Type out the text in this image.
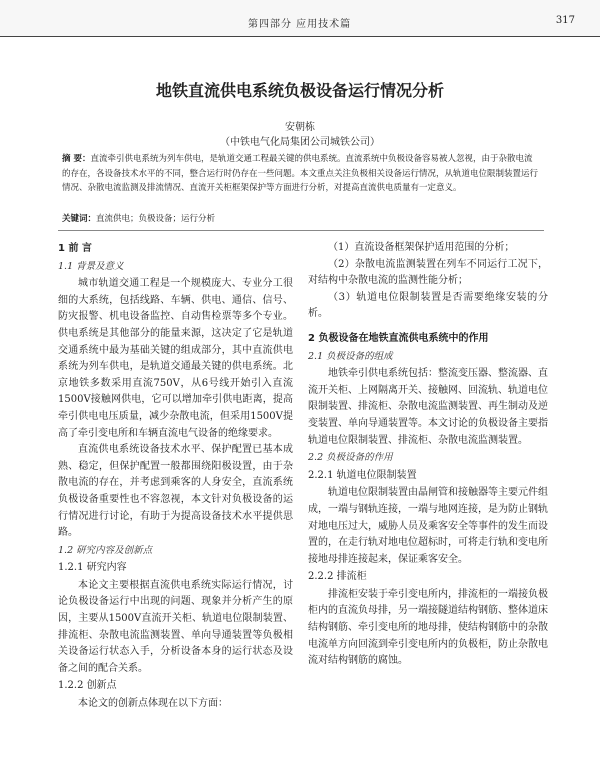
第四部分 应用技术篇	317
地铁直流供电系统负极设备运行情况分析
安朝栋
（中铁电气化局集团公司城铁公司）
摘 要：直流牵引供电系统为列车供电，是轨道交通工程最关键的供电系统。直流系统中负极设备容易被人忽视，由于杂散电流的存在，各设备技术水平的不同，整合运行时仍存在一些问题。本文重点关注负极相关设备运行情况，从轨道电位限制装置运行情况、杂散电流监测及排流情况、直流开关柜框架保护等方面进行分析，对提高直流供电质量有一定意义。
关键词：直流供电；负极设备；运行分析
1 前 言
1.1 背景及意义

城市轨道交通工程是一个规模庞大、专业分工很细的大系统，包括线路、车辆、供电、通信、信号、防灾报警、机电设备监控、自动售检票等多个专业。供电系统是其他部分的能量来源，这决定了它是轨道交通系统中最为基础关键的组成部分，其中直流供电系统为列车供电，是轨道交通最关键的供电系统。北京地铁多数采用直流750V，从6号线开始引入直流1500V接触网供电，它可以增加牵引供电距离，提高牵引供电电压质量，减少杂散电流，但采用1500V提高了牵引变电所和车辆直流电气设备的绝缘要求。

直流供电系统设备技术水平、保护配置已基本成熟、稳定，但保护配置一般都围绕阳极设置，由于杂散电流的存在，并考虑到乘客的人身安全，直流系统负极设备重要性也不容忽视，本文针对负极设备的运行情况进行讨论，有助于为提高设备技术水平提供思路。

1.2 研究内容及创新点
1.2.1 研究内容

本论文主要根据直流供电系统实际运行情况，讨论负极设备运行中出现的问题、现象并分析产生的原因，主要从1500V直流开关柜、轨道电位限制装置、排流柜、杂散电流监测装置、单向导通装置等负极相关设备运行状态入手，分析设备本身的运行状态及设备之间的配合关系。

1.2.2 创新点

本论文的创新点体现在以下方面：

（1）直流设备框架保护适用范围的分析；

（2）杂散电流监测装置在列车不同运行工况下，对结构中杂散电流的监测性能分析；

（3）轨道电位限制装置是否需要绝缘安装的分析。

2 负极设备在地铁直流供电系统中的作用
2.1 负极设备的组成

地铁牵引供电系统包括：整流变压器、整流器、直流开关柜、上网隔离开关、接触网、回流轨、轨道电位限制装置、排流柜、杂散电流监测装置、再生制动及逆变装置、单向导通装置等。本文讨论的负极设备主要指轨道电位限制装置、排流柜、杂散电流监测装置。

2.2 负极设备的作用
2.2.1 轨道电位限制装置

轨道电位限制装置由晶闸管和接触器等主要元件组成，一端与钢轨连接，一端与地网连接，是为防止钢轨对地电压过大，威胁人员及乘客安全等事件的发生而设置的，在走行轨对地电位超标时，可将走行轨和变电所接地母排连接起来，保证乘客安全。

2.2.2 排流柜

排流柜安装于牵引变电所内，排流柜的一端接负极柜内的直流负母排，另一端接隧道结构钢筋、整体道床结构钢筋、牵引变电所的地母排，使结构钢筋中的杂散电流单方向回流到牵引变电所内的负极柜，防止杂散电流对结构钢筋的腐蚀。
